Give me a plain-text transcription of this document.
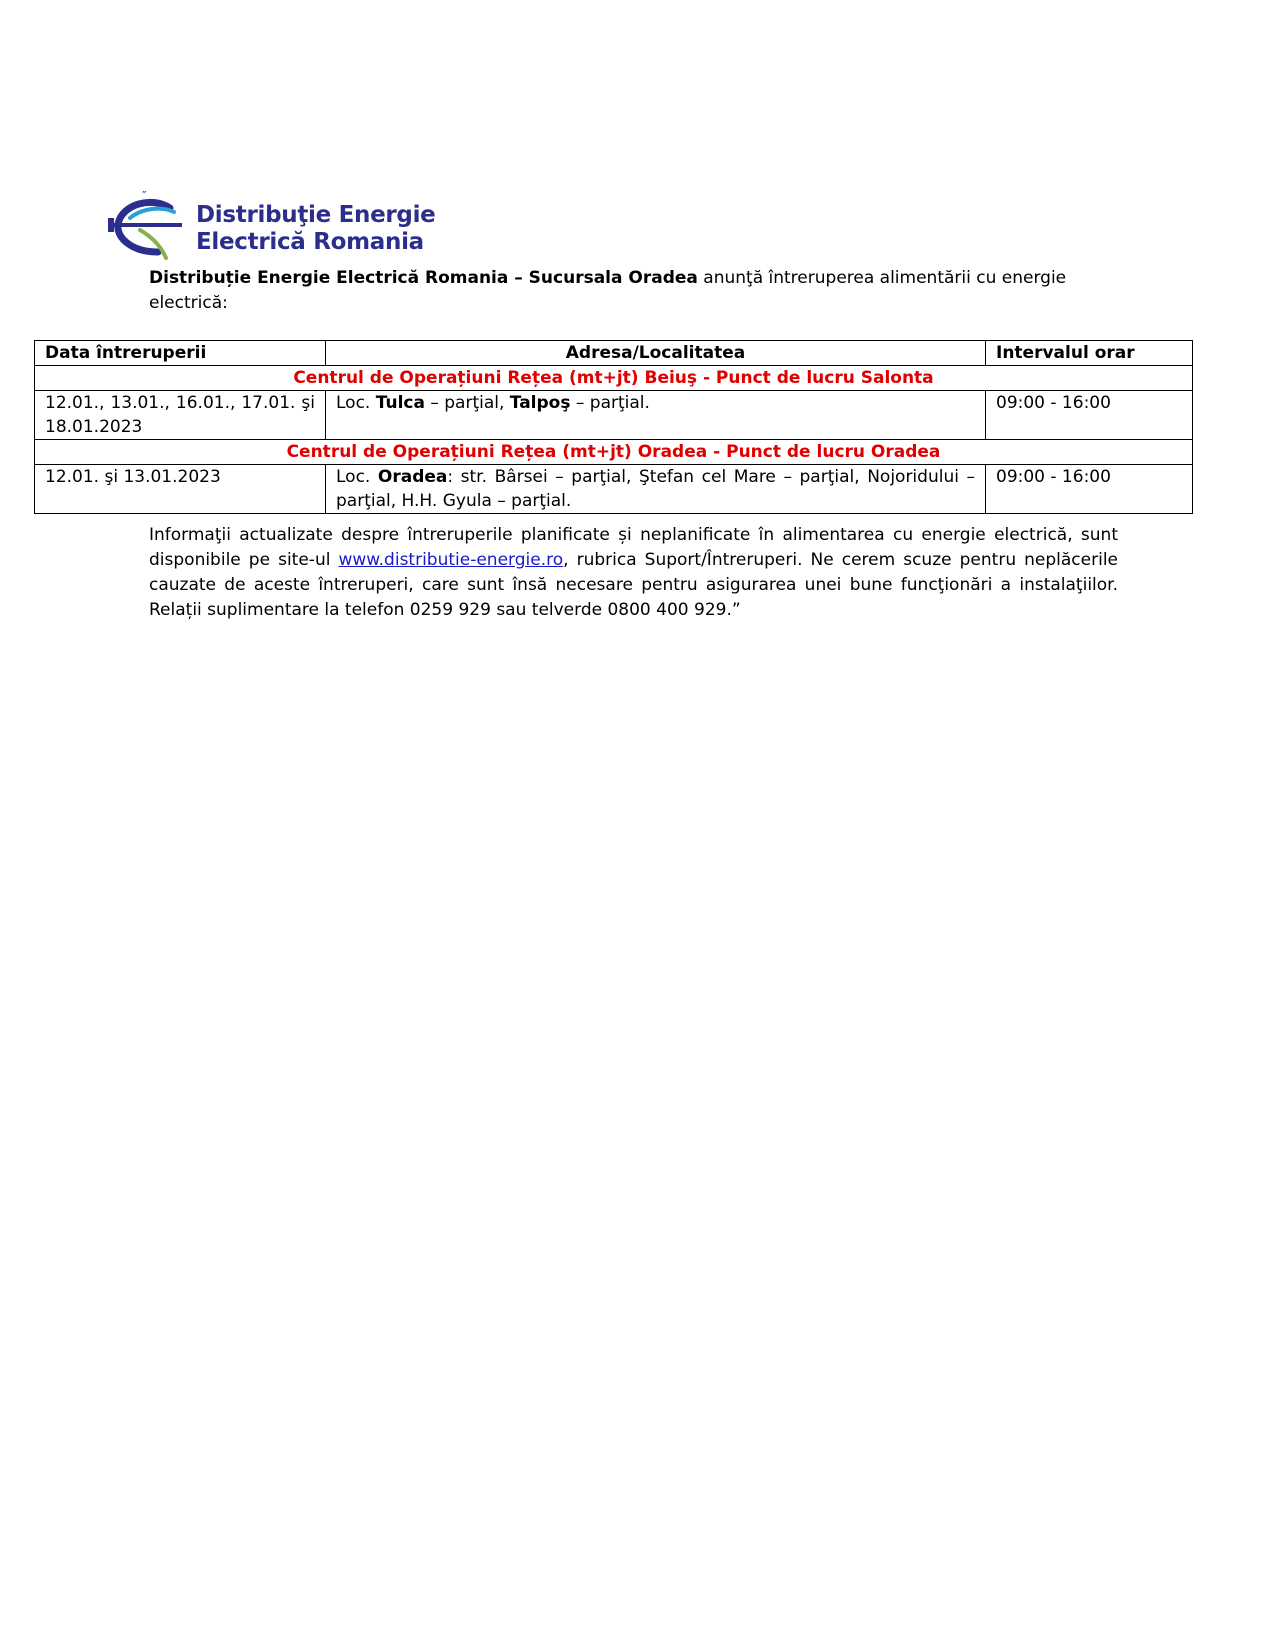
″
Distribuţie Energie
Electrică Romania
Distribuție Energie Electrică Romania – Sucursala Oradea anunţă întreruperea alimentării cu energie electrică:
Data întreruperii	Adresa/Localitatea	Intervalul orar
Centrul de Operațiuni Rețea (mt+jt) Beiuş - Punct de lucru Salonta		
12.01., 13.01., 16.01., 17.01. şi 18.01.2023	Loc. Tulca – parţial, Talpoş – parţial.	09:00 - 16:00
Centrul de Operațiuni Rețea (mt+jt) Oradea - Punct de lucru Oradea		
12.01. şi 13.01.2023	Loc. Oradea: str. Bârsei – parţial, Ştefan cel Mare – parţial, Nojoridului – parţial, H.H. Gyula – parţial.	09:00 - 16:00
Informaţii actualizate despre întreruperile planificate și neplanificate în alimentarea cu energie electrică, sunt disponibile pe site-ul www.distributie-energie.ro, rubrica Suport/Întreruperi. Ne cerem scuze pentru neplăcerile cauzate de aceste întreruperi, care sunt însă necesare pentru asigurarea unei bune funcţionări a instalaţiilor. Relații suplimentare la telefon 0259 929 sau telverde 0800 400 929.”
